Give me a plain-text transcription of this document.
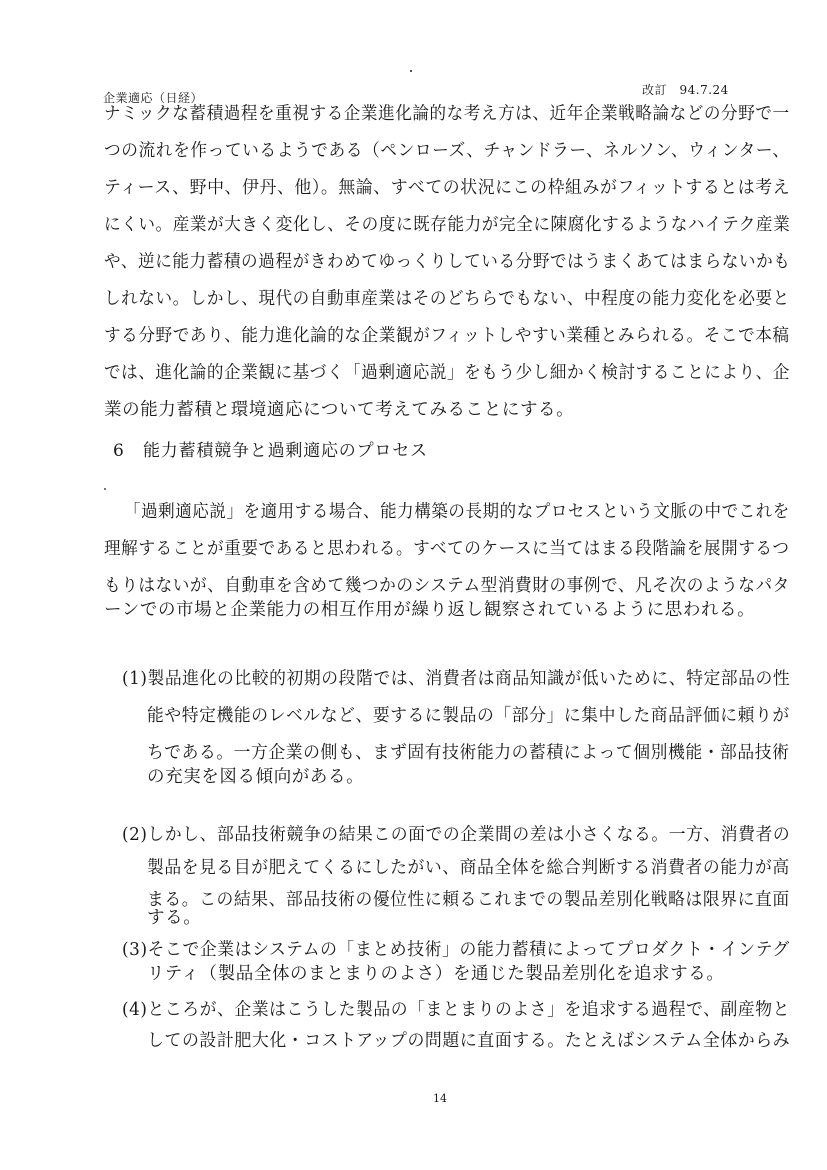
企業適応（日経）
改訂　94.7.24
ナミックな蓄積過程を重視する企業進化論的な考え方は、近年企業戦略論などの分野で一
つの流れを作っているようである（ペンローズ、チャンドラー、ネルソン、ウィンター、
ティース、野中、伊丹、他）。無論、すべての状況にこの枠組みがフィットするとは考え
にくい。産業が大きく変化し、その度に既存能力が完全に陳腐化するようなハイテク産業
や、逆に能力蓄積の過程がきわめてゆっくりしている分野ではうまくあてはまらないかも
しれない。しかし、現代の自動車産業はそのどちらでもない、中程度の能力変化を必要と
する分野であり、能力進化論的な企業観がフィットしやすい業種とみられる。そこで本稿
では、進化論的企業観に基づく「過剰適応説」をもう少し細かく検討することにより、企
業の能力蓄積と環境適応について考えてみることにする。
6 能力蓄積競争と過剰適応のプロセス
「過剰適応説」を適用する場合、能力構築の長期的なプロセスという文脈の中でこれを
理解することが重要であると思われる。すべてのケースに当てはまる段階論を展開するつ
もりはないが、自動車を含めて幾つかのシステム型消費財の事例で、凡そ次のようなパタ
ーンでの市場と企業能力の相互作用が繰り返し観察されているように思われる。
(1)製品進化の比較的初期の段階では、消費者は商品知識が低いために、特定部品の性
能や特定機能のレベルなど、要するに製品の「部分」に集中した商品評価に頼りが
ちである。一方企業の側も、まず固有技術能力の蓄積によって個別機能・部品技術
の充実を図る傾向がある。
(2)しかし、部品技術競争の結果この面での企業間の差は小さくなる。一方、消費者の
製品を見る目が肥えてくるにしたがい、商品全体を総合判断する消費者の能力が高
まる。この結果、部品技術の優位性に頼るこれまでの製品差別化戦略は限界に直面
する。
(3)そこで企業はシステムの「まとめ技術」の能力蓄積によってプロダクト・インテグ
リティ（製品全体のまとまりのよさ）を通じた製品差別化を追求する。
(4)ところが、企業はこうした製品の「まとまりのよさ」を追求する過程で、副産物と
しての設計肥大化・コストアップの問題に直面する。たとえばシステム全体からみ
14
